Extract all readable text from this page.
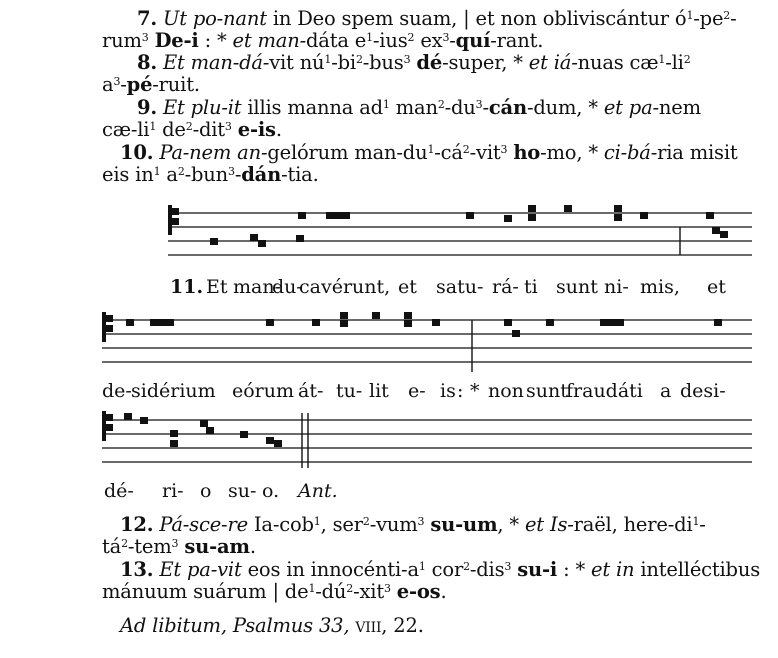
7. Ut po-nant in Deo spem suam, | et non obliviscántur $ó^1-pe^2-$
rum$^3$ De-i : * et man-dáta $e^1-ius^2$ $ex^3-quí$-rant.
8. Et man-dá-vit $nú^1-bi^2-bus^3$ dé-super, * et iá-nuas $cæ^1-li^2$
$a^3-pé$-ruit.
9. Et plu-it illis manna $ad^1$ $man^2-du^3-cán$-dum, * et pa-nem
$cæ-li^1$ $de^2-dit^3$ e-is.
10. Pa-nem an-gelórum man-$du^1-cá^2-vit^3$ ho-mo, * ci-bá-ria misit
eis $in^1$ $a^2-bun^3-dán$-tia.
11. Et man-
du-
cavérunt, et satu- rá- ti sunt ni- mis, et
de- sidérium eórum át- tu- lit e- is : * non sunt
fraudáti a desi-
dé- ri- o su- o. Ant.
12. Pá-sce-re Ia-cob$^1$, ser$^2$-vum$^3$ su-um, * et Is-raël, here-$di^1-$
$tá^2-tem^3$ su-am.
13. Et pa-vit eos in innocénti-$a^1$ cor$^2$-dis$^3$ su-i : * et in intelléctibus
mánuum suárum | $de^1-dú^2-xit^3$ e-os.
Ad libitum, Psalmus 33, viii, 22.
